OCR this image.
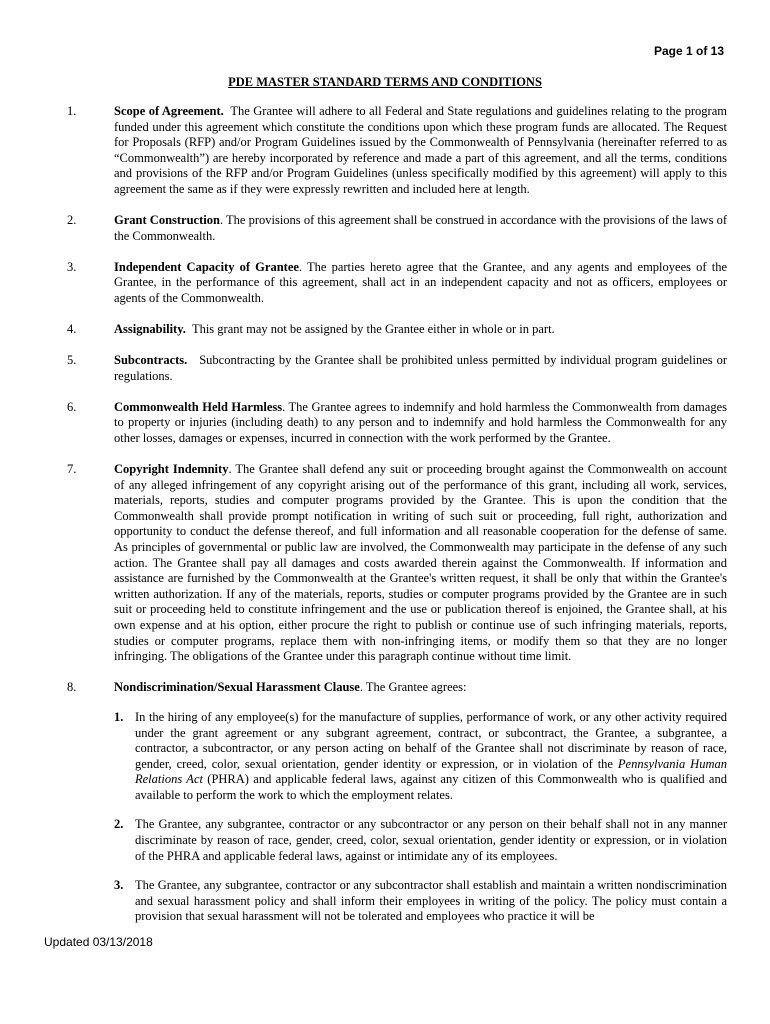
Page 1 of 13
PDE MASTER STANDARD TERMS AND CONDITIONS
1.	Scope of Agreement. The Grantee will adhere to all Federal and State regulations and guidelines relating to the program funded under this agreement which constitute the conditions upon which these program funds are allocated. The Request for Proposals (RFP) and/or Program Guidelines issued by the Commonwealth of Pennsylvania (hereinafter referred to as “Commonwealth”) are hereby incorporated by reference and made a part of this agreement, and all the terms, conditions and provisions of the RFP and/or Program Guidelines (unless specifically modified by this agreement) will apply to this agreement the same as if they were expressly rewritten and included here at length.
2.	Grant Construction. The provisions of this agreement shall be construed in accordance with the provisions of the laws of the Commonwealth.
3.	Independent Capacity of Grantee. The parties hereto agree that the Grantee, and any agents and employees of the Grantee, in the performance of this agreement, shall act in an independent capacity and not as officers, employees or agents of the Commonwealth.
4.	Assignability. This grant may not be assigned by the Grantee either in whole or in part.
5.	Subcontracts. Subcontracting by the Grantee shall be prohibited unless permitted by individual program guidelines or regulations.
6.	Commonwealth Held Harmless. The Grantee agrees to indemnify and hold harmless the Commonwealth from damages to property or injuries (including death) to any person and to indemnify and hold harmless the Commonwealth for any other losses, damages or expenses, incurred in connection with the work performed by the Grantee.
7.	Copyright Indemnity. The Grantee shall defend any suit or proceeding brought against the Commonwealth on account of any alleged infringement of any copyright arising out of the performance of this grant, including all work, services, materials, reports, studies and computer programs provided by the Grantee. This is upon the condition that the Commonwealth shall provide prompt notification in writing of such suit or proceeding, full right, authorization and opportunity to conduct the defense thereof, and full information and all reasonable cooperation for the defense of same. As principles of governmental or public law are involved, the Commonwealth may participate in the defense of any such action. The Grantee shall pay all damages and costs awarded therein against the Commonwealth. If information and assistance are furnished by the Commonwealth at the Grantee's written request, it shall be only that within the Grantee's written authorization. If any of the materials, reports, studies or computer programs provided by the Grantee are in such suit or proceeding held to constitute infringement and the use or publication thereof is enjoined, the Grantee shall, at his own expense and at his option, either procure the right to publish or continue use of such infringing materials, reports, studies or computer programs, replace them with non-infringing items, or modify them so that they are no longer infringing. The obligations of the Grantee under this paragraph continue without time limit.
8.	Nondiscrimination/Sexual Harassment Clause. The Grantee agrees:
1. In the hiring of any employee(s) for the manufacture of supplies, performance of work, or any other activity required under the grant agreement or any subgrant agreement, contract, or subcontract, the Grantee, a subgrantee, a contractor, a subcontractor, or any person acting on behalf of the Grantee shall not discriminate by reason of race, gender, creed, color, sexual orientation, gender identity or expression, or in violation of the Pennsylvania Human Relations Act (PHRA) and applicable federal laws, against any citizen of this Commonwealth who is qualified and available to perform the work to which the employment relates.
2. The Grantee, any subgrantee, contractor or any subcontractor or any person on their behalf shall not in any manner discriminate by reason of race, gender, creed, color, sexual orientation, gender identity or expression, or in violation of the PHRA and applicable federal laws, against or intimidate any of its employees.
3. The Grantee, any subgrantee, contractor or any subcontractor shall establish and maintain a written nondiscrimination and sexual harassment policy and shall inform their employees in writing of the policy. The policy must contain a provision that sexual harassment will not be tolerated and employees who practice it will be
Updated 03/13/2018
